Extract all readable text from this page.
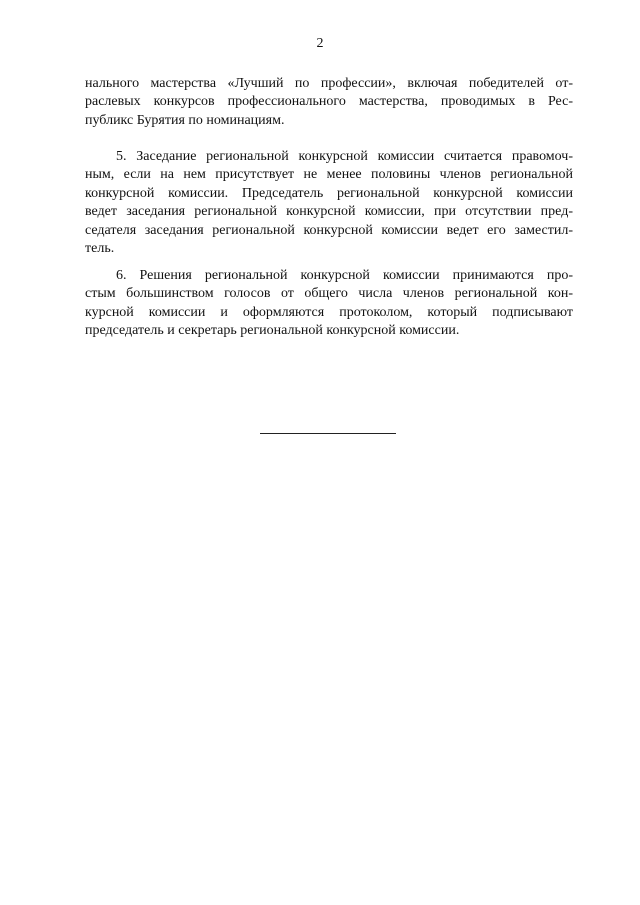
2
нального мастерства «Лучший по профессии», включая победителей от-
раслевых конкурсов профессионального мастерства, проводимых в Рес-
публикс Бурятия по номинациям.
5. Заседание региональной конкурсной комиссии считается правомоч-
ным, если на нем присутствует не менее половины членов региональной
конкурсной комиссии. Председатель региональной конкурсной комиссии
ведет заседания региональной конкурсной комиссии, при отсутствии пред-
седателя заседания региональной конкурсной комиссии ведет его заместил-
тель.
6. Решения региональной конкурсной комиссии принимаются про-
стым большинством голосов от общего числа членов региональной кон-
курсной комиссии и оформляются протоколом, который подписывают
председатель и секретарь региональной конкурсной комиссии.
